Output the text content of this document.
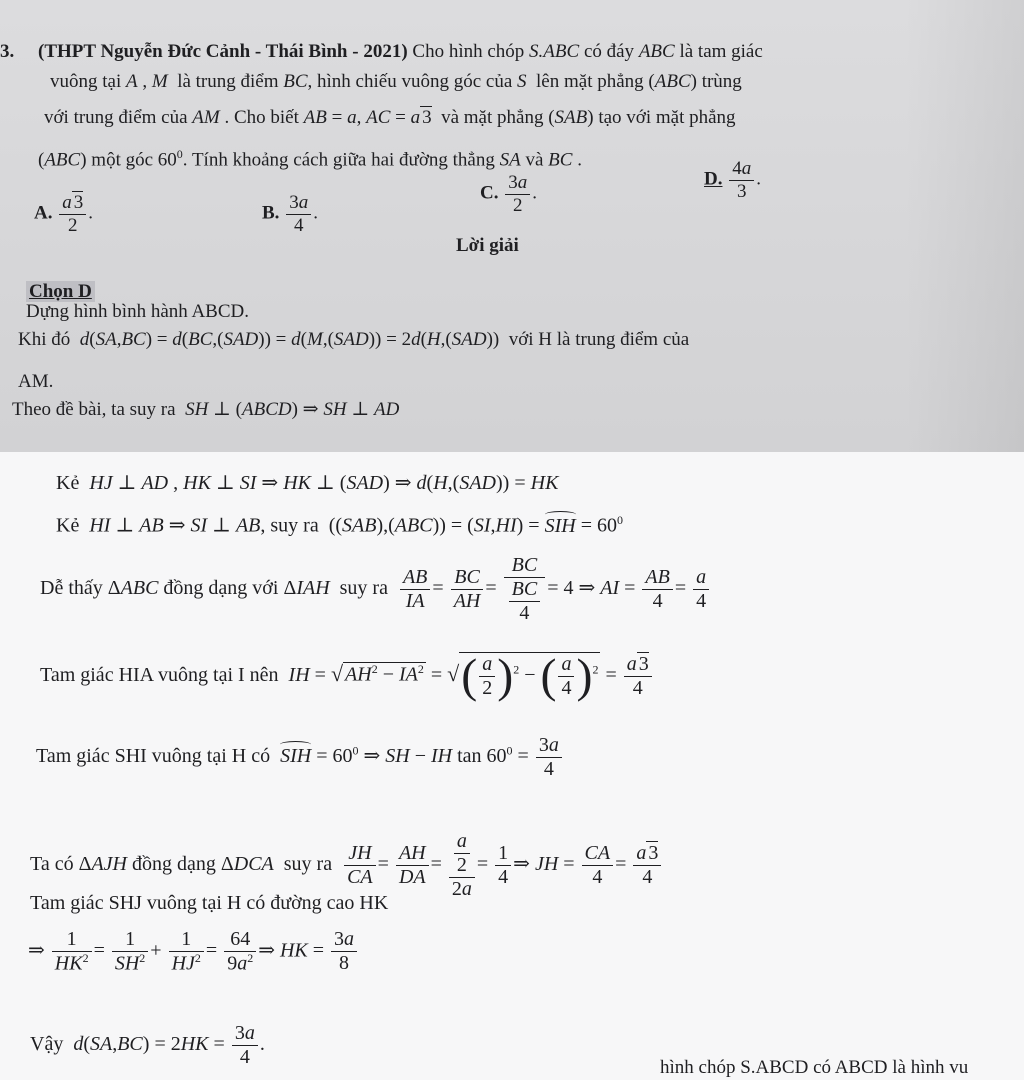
3. (THPT Nguyễn Đức Cảnh - Thái Bình - 2021) Cho hình chóp S.ABC có đáy ABC là tam giác
vuông tại A , M  là trung điểm BC, hình chiếu vuông góc của S  lên mặt phẳng (ABC) trùng
với trung điểm của AM . Cho biết AB = a, AC = a 3  và mặt phẳng (SAB) tạo với mặt phẳng
(ABC) một góc $60^0$. Tính khoảng cách giữa hai đường thẳng SA và BC .
A. $\frac{a 3}{2}$ .	B. $\frac{3a}{4}$ .
C. $\frac{3a}{2}$ .
D. $\frac{4a}{3}$ .
Lời giải
Chọn D
Dựng hình bình hành ABCD.
Khi đó d(SA,BC) = d(BC,(SAD)) = d(M,(SAD)) = 2d(H,(SAD))  với H là trung điểm của
AM.
Theo đề bài, ta suy ra SH ⊥ (ABCD) ⇒ SH ⊥ AD
Kẻ HJ ⊥ AD , HK ⊥ SI ⇒ HK ⊥ (SAD) ⇒ d(H,(SAD)) = HK
Kẻ HI ⊥ AB ⇒ SI ⊥ AB, suy ra  ((SAB),(ABC)) = (SI,HI) = SIH = $60^0$
Dễ thấy ΔABC đồng dạng với ΔIAH suy ra $\frac{AB}{IA} = \frac{BC}{AH} = \frac{BC}{\frac{BC}{4}} = 4$ ⇒ AI = $\frac{AB}{4} = \frac{a}{4}$
Tam giác HIA vuông tại I nên IH = √ $AH^2 - IA^2$ = √( $\frac{a}{2} )^2$ − ( $\frac{a}{4} )^2 = \frac{a 3}{4}$
Tam giác SHI vuông tại H có SIH = $60^0$ ⇒ SH − IH $\tan 60^0 = \frac{3a}{4}$
Ta có ΔAJH đồng dạng ΔDCA suy ra $\frac{JH}{CA} = \frac{AH}{DA} = \frac{\frac{a}{2}}{2a} = \frac{1}{4}$ ⇒ JH = $\frac{CA}{4} = \frac{a 3}{4}$
Tam giác SHJ vuông tại H có đường cao HK
⇒ $\frac{1}{HK^2} = \frac{1}{SH^2} + \frac{1}{HJ^2} = \frac{64}{9a^2}$ ⇒ HK = $\frac{3a}{8}$
Vậy $d(SA,BC) = 2HK = \frac{3a}{4}$ .
hình chóp S.ABCD có ABCD là hình vu
